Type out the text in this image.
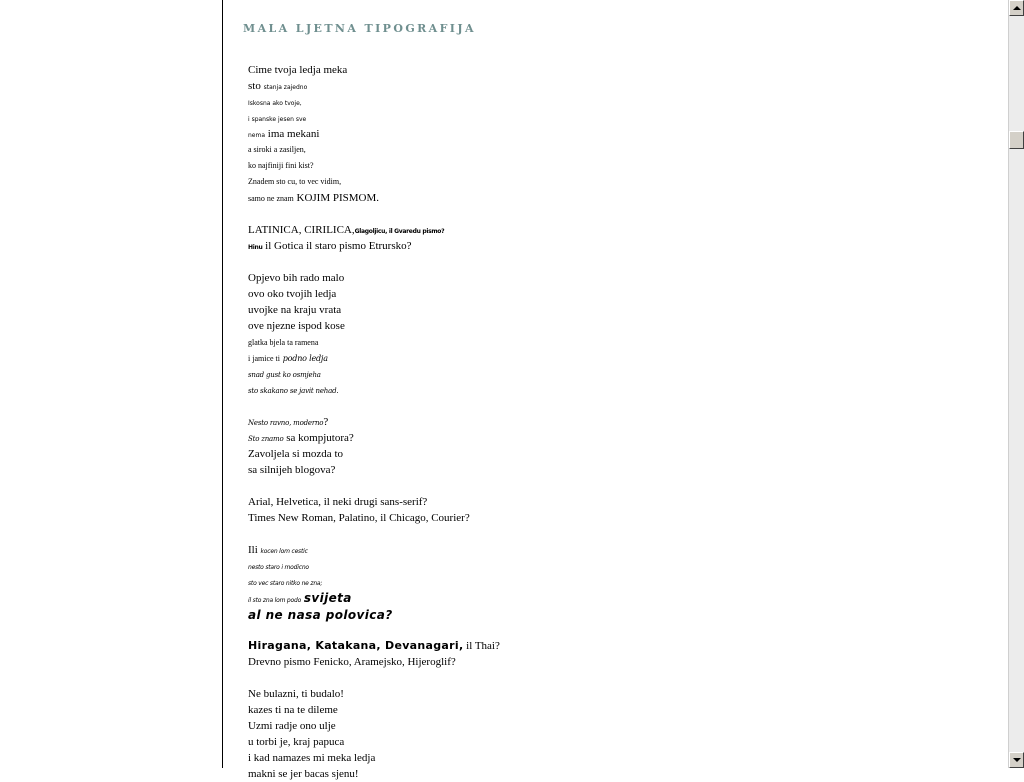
MALA LJETNA TIPOGRAFIJA
Cime tvoja ledja meka
sto stanja zajedno
Iskosna ako tvoje,
i spanske jesen sve
nema ima mekani
a siroki a zasiljen,
ko najfiniji fini kist?
Znadem sto cu, to vec vidim,
samo ne znam KOJIM PISMOM.
LATINICA, CIRILICA,Glagoljicu, il Gvaredu pismo?
Hinu il Gotica il staro pismo Etrursko?
Opjevo bih rado malo
ovo oko tvojih ledja
uvojke na kraju vrata
ove njezne ispod kose
glatka bjela ta ramena
i jamice ti podno ledja
snad gust ko osmjeha
sto skakano se javit nehad.
Nesto ravno, moderno?
Sto znamo sa kompjutora?
Zavoljela si mozda to
sa silnijeh blogova?
Arial, Helvetica, il neki drugi sans-serif?
Times New Roman, Palatino, il Chicago, Courier?
Ili kocen lom cestic
nesto staro i modicno
sto vec staro nitko ne zna;
il sto zna lom podo svijeta
al ne nasa polovica?
Hiragana, Katakana, Devanagari, il Thai?
Drevno pismo Fenicko, Aramejsko, Hijeroglif?
Ne bulazni, ti budalo!
kazes ti na te dileme
Uzmi radje ono ulje
u torbi je, kraj papuca
i kad namazes mi meka ledja
makni se jer bacas sjenu!
